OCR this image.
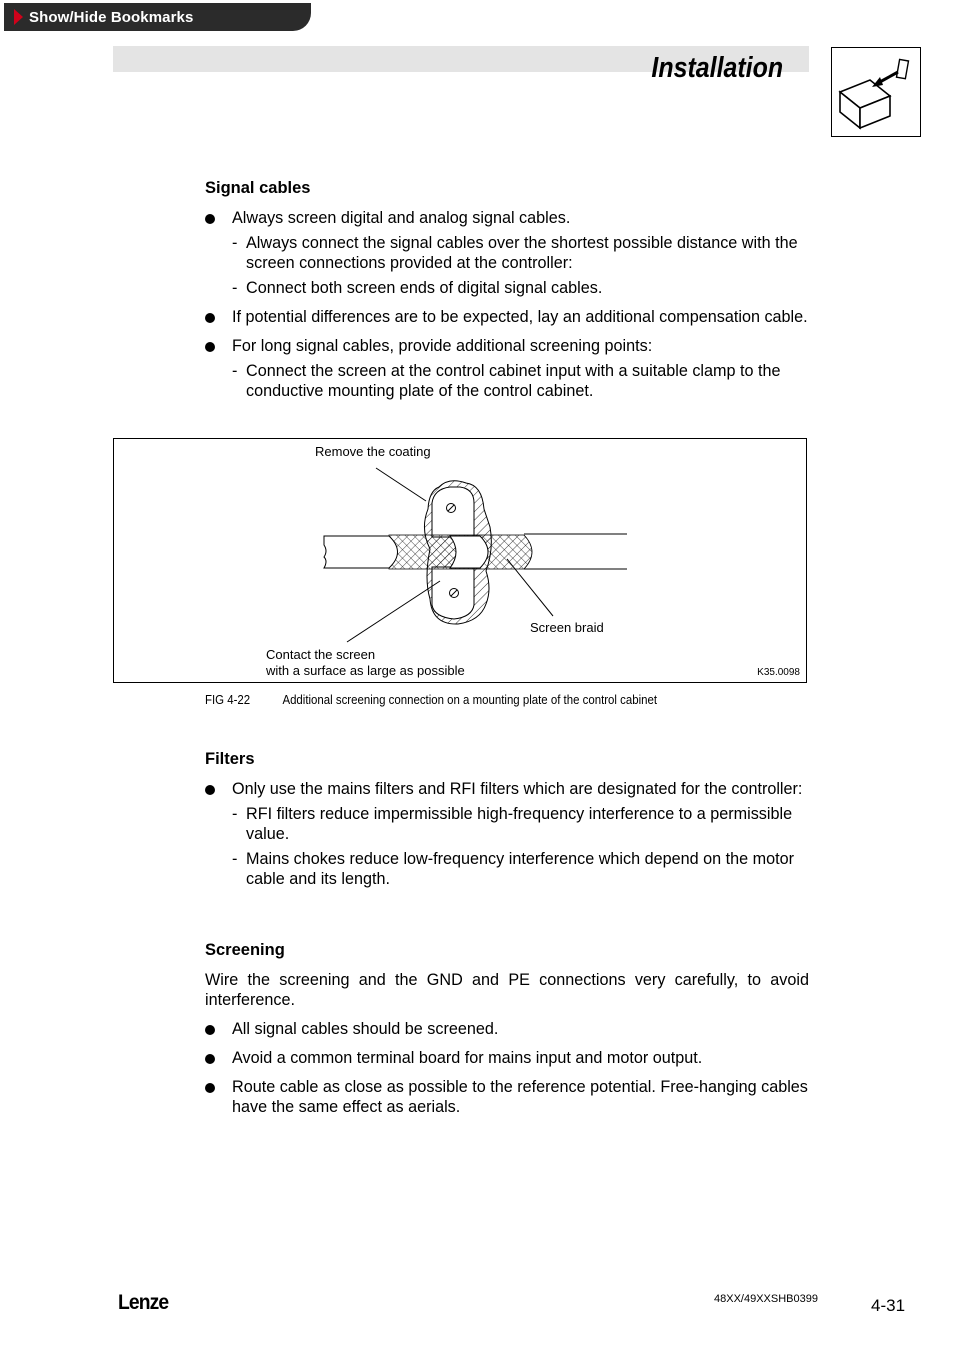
Show/Hide Bookmarks
Installation
Signal cables
Always screen digital and analog signal cables.
- Always connect the signal cables over the shortest possible distance with the screen connections provided at the controller:
- Connect both screen ends of digital signal cables.
If potential differences are to be expected, lay an additional compensation cable.
For long signal cables, provide additional screening points:
- Connect the screen at the control cabinet input with a suitable clamp to the conductive mounting plate of the control cabinet.
Remove the coating
Screen braid
Contact the screen
with a surface as large as possible	K35.0098
FIG 4-22 Additional screening connection on a mounting plate of the control cabinet
Filters
Only use the mains filters and RFI filters which are designated for the controller:
- RFI filters reduce impermissible high-frequency interference to a permissible value.
- Mains chokes reduce low-frequency interference which depend on the motor cable and its length.
Screening
Wire the screening and the GND and PE connections very carefully, to avoid interference.
All signal cables should be screened.
Avoid a common terminal board for mains input and motor output.
Route cable as close as possible to the reference potential. Free-hanging cables have the same effect as aerials.
Lenze	48XX/49XXSHB0399	4-31
